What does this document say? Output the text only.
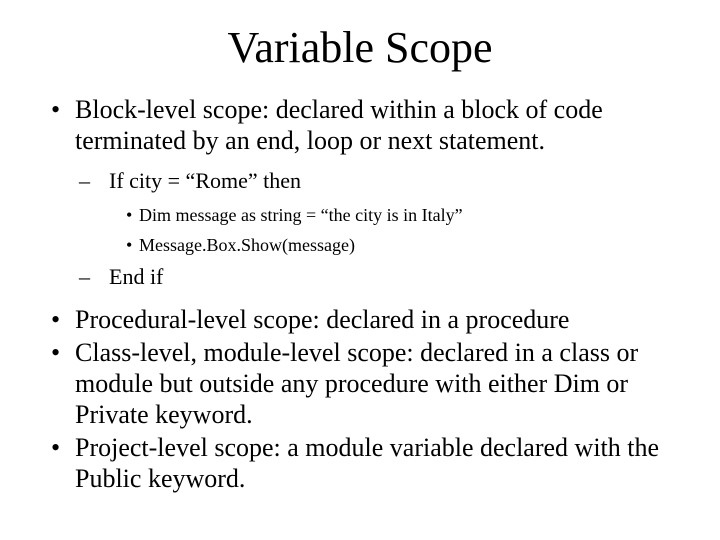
Variable Scope
• Block-level scope: declared within a block of code terminated by an end, loop or next statement.
– If city = “Rome” then
• Dim message as string = “the city is in Italy”
• Message.Box.Show(message)
– End if
• Procedural-level scope: declared in a procedure
• Class-level, module-level scope: declared in a class or module but outside any procedure with either Dim or Private keyword.
• Project-level scope: a module variable declared with the Public keyword.
